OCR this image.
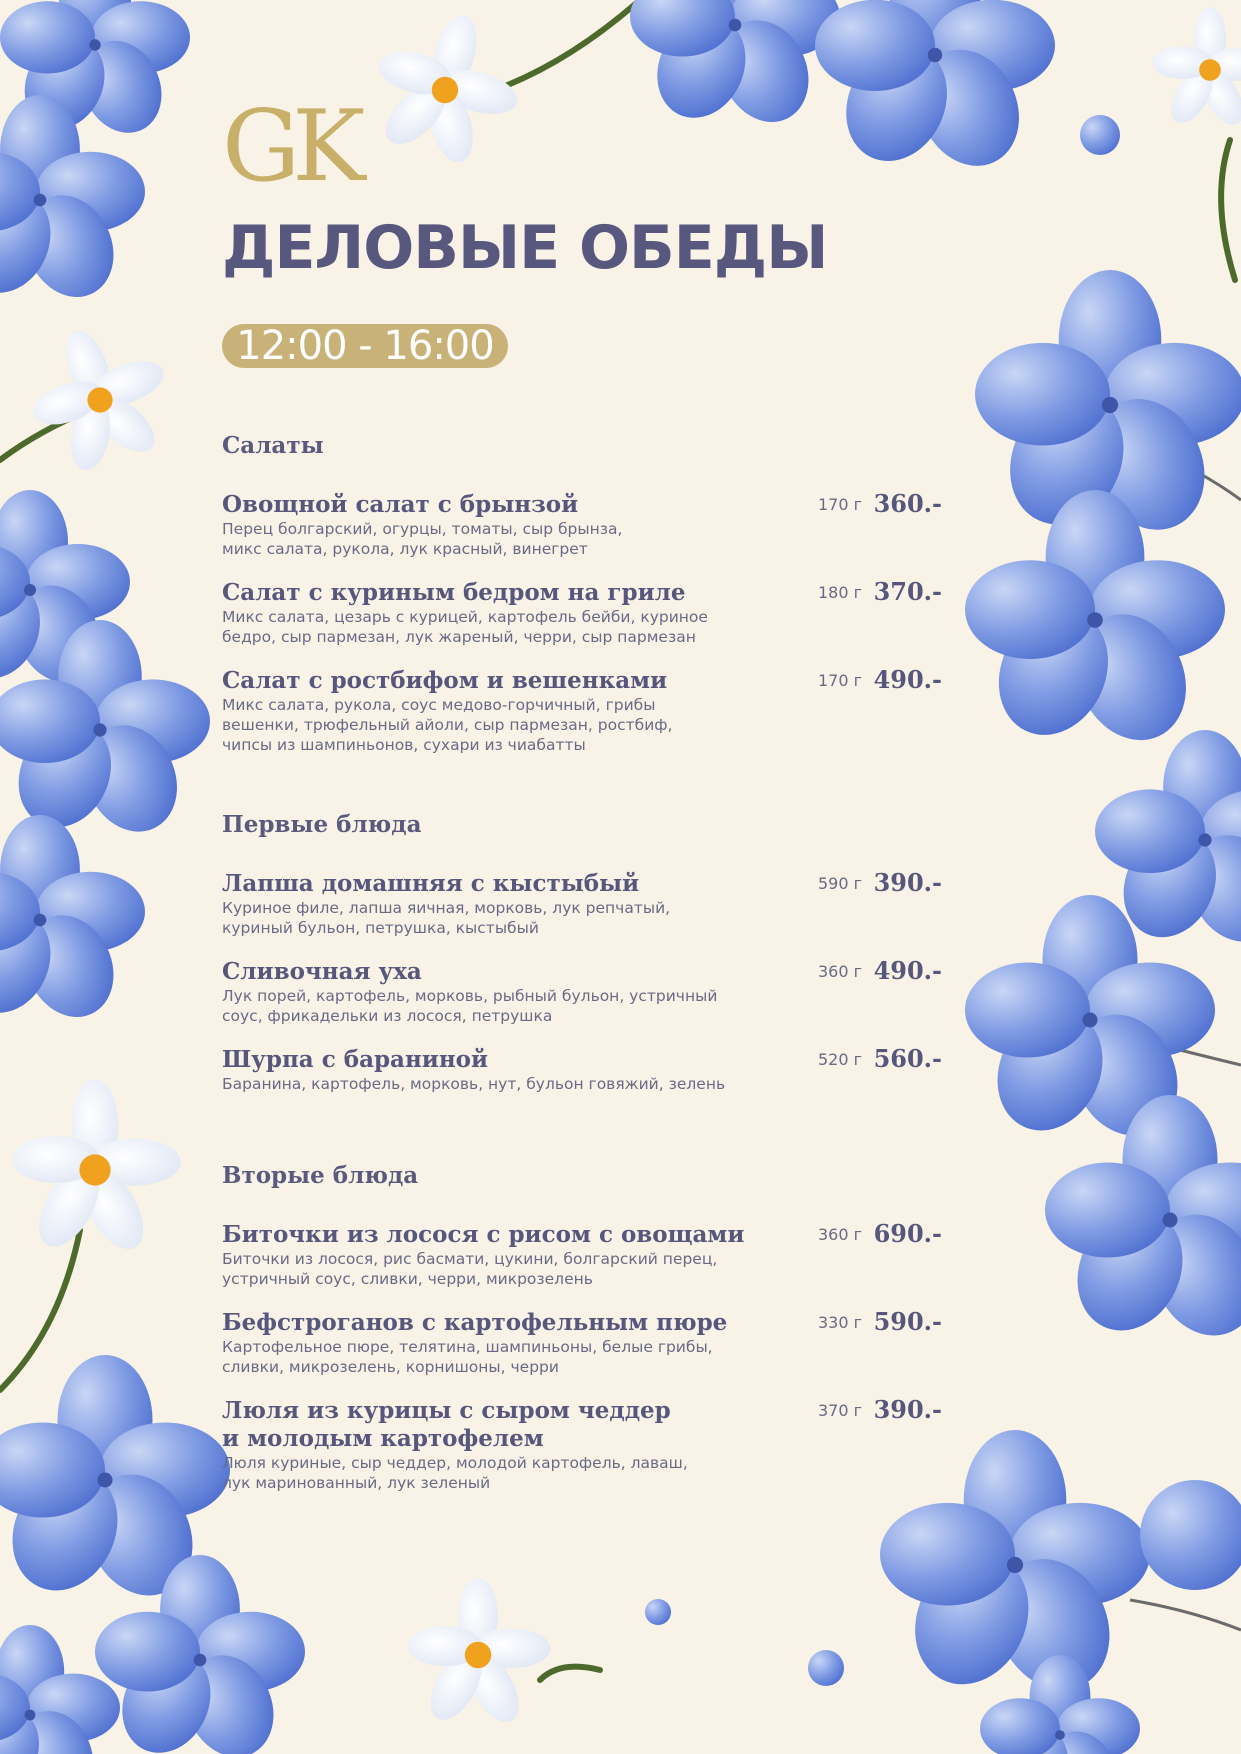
GK
ДЕЛОВЫЕ ОБЕДЫ
12:00 - 16:00
Салаты
Овощной салат с брынзой
Перец болгарский, огурцы, томаты, сыр брынза,
микс салата, рукола, лук красный, винегрет
170 г 360.-
Салат с куриным бедром на гриле
Микс салата, цезарь с курицей, картофель бейби, куриное
бедро, сыр пармезан, лук жареный, черри, сыр пармезан
180 г 370.-
Салат с ростбифом и вешенками
Микс салата, рукола, соус медово-горчичный, грибы
вешенки, трюфельный айоли, сыр пармезан, ростбиф,
чипсы из шампиньонов, сухари из чиабатты
170 г 490.-
Первые блюда
Лапша домашняя с кыстыбый
Куриное филе, лапша яичная, морковь, лук репчатый,
куриный бульон, петрушка, кыстыбый
590 г 390.-
Сливочная уха
Лук порей, картофель, морковь, рыбный бульон, устричный
соус, фрикадельки из лосося, петрушка
360 г 490.-
Шурпа с бараниной
Баранина, картофель, морковь, нут, бульон говяжий, зелень
520 г 560.-
Вторые блюда
Биточки из лосося с рисом с овощами
Биточки из лосося, рис басмати, цукини, болгарский перец,
устричный соус, сливки, черри, микрозелень
360 г 690.-
Бефстроганов с картофельным пюре
Картофельное пюре, телятина, шампиньоны, белые грибы,
сливки, микрозелень, корнишоны, черри
330 г 590.-
Люля из курицы с сыром чеддер
и молодым картофелем
Люля куриные, сыр чеддер, молодой картофель, лаваш,
лук маринованный, лук зеленый
370 г 390.-
